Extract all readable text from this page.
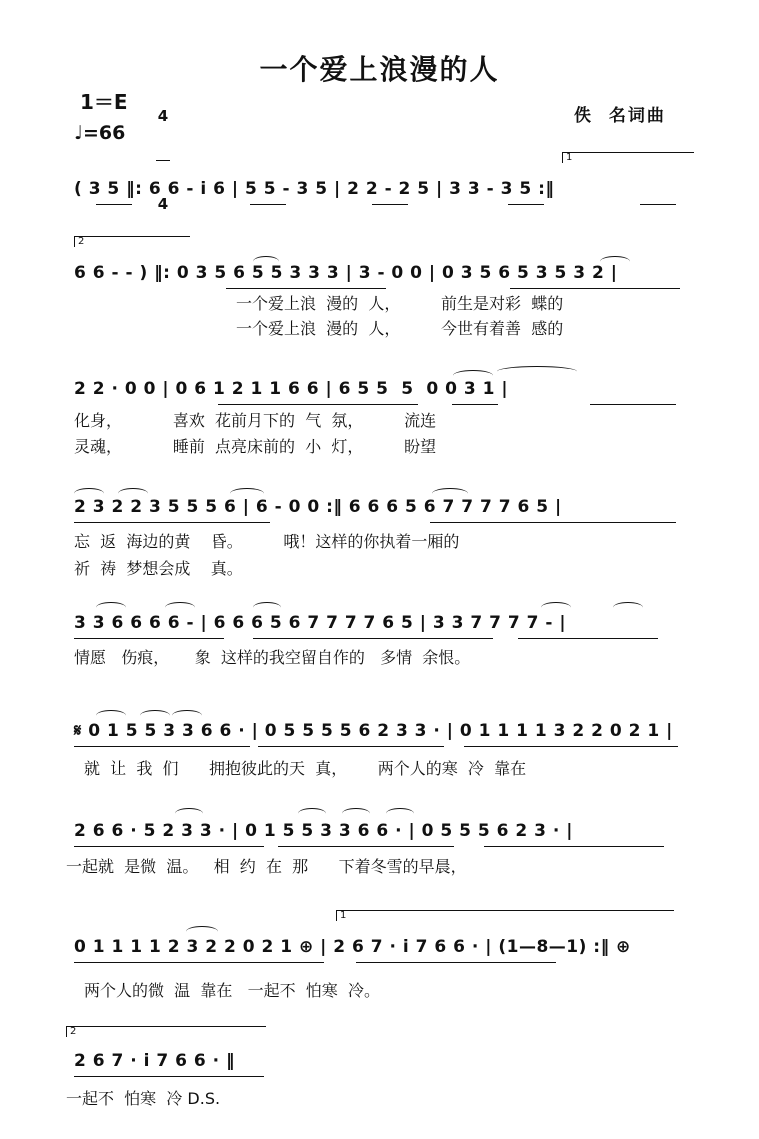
一个爱上浪漫的人
1＝E

4

4

♩=66
佚  名词曲
1
( 3 5 ‖: 6 6 - i 6 | 5 5 - 3 5 | 2 2 - 2 5 | 3 3 - 3 5 :‖
2
6 6 - - ) ‖: 0 3 5 6 5 5 3 3 3 | 3 - 0 0 | 0 3 5 6 5 3 5 3 2 |
一个爱上浪  漫的  人，        前生是对彩  蝶的
一个爱上浪  漫的  人，        今世有着善  感的
2 2 · 0 0 | 0 6 1 2 1 1 6 6 | 6 5 5  5  0 0 3 1 |
化身，          喜欢  花前月下的  气  氛，        流连
灵魂，          睡前  点亮床前的  小  灯，        盼望
2 3 2 2 3 5 5 5 6 | 6 - 0 0 :‖ 6 6 6 5 6 7 7 7 7 6 5 |
忘  返  海边的黄    昏。        哦！这样的你执着一厢的
祈  祷  梦想会成    真。
3 3 6 6 6 6 - | 6 6 6 5 6 7 7 7 7 6 5 | 3 3 7 7 7 7 - |
情愿   伤痕，     象  这样的我空留自作的   多情  余恨。
𝄋 0 1 5 5 3 3 6 6 · | 0 5 5 5 5 6 2 3 3 · | 0 1 1 1 1 3 2 2 0 2 1 |
就  让  我  们      拥抱彼此的天  真，      两个人的寒  冷  靠在
2 6 6 · 5 2 3 3 · | 0 1 5 5 3 3 6 6 · | 0 5 5 5 6 2 3 · |
一起就  是微  温。   相  约  在  那      下着冬雪的早晨，
1
0 1 1 1 1 2 3 2 2 0 2 1 ⊕ | 2 6 7 · i 7 6 6 · | (1—8—1) :‖ ⊕
两个人的微  温  靠在   一起不  怕寒  冷。
2
2 6 7 · i 7 6 6 · ‖
一起不  怕寒  冷 D.S.
